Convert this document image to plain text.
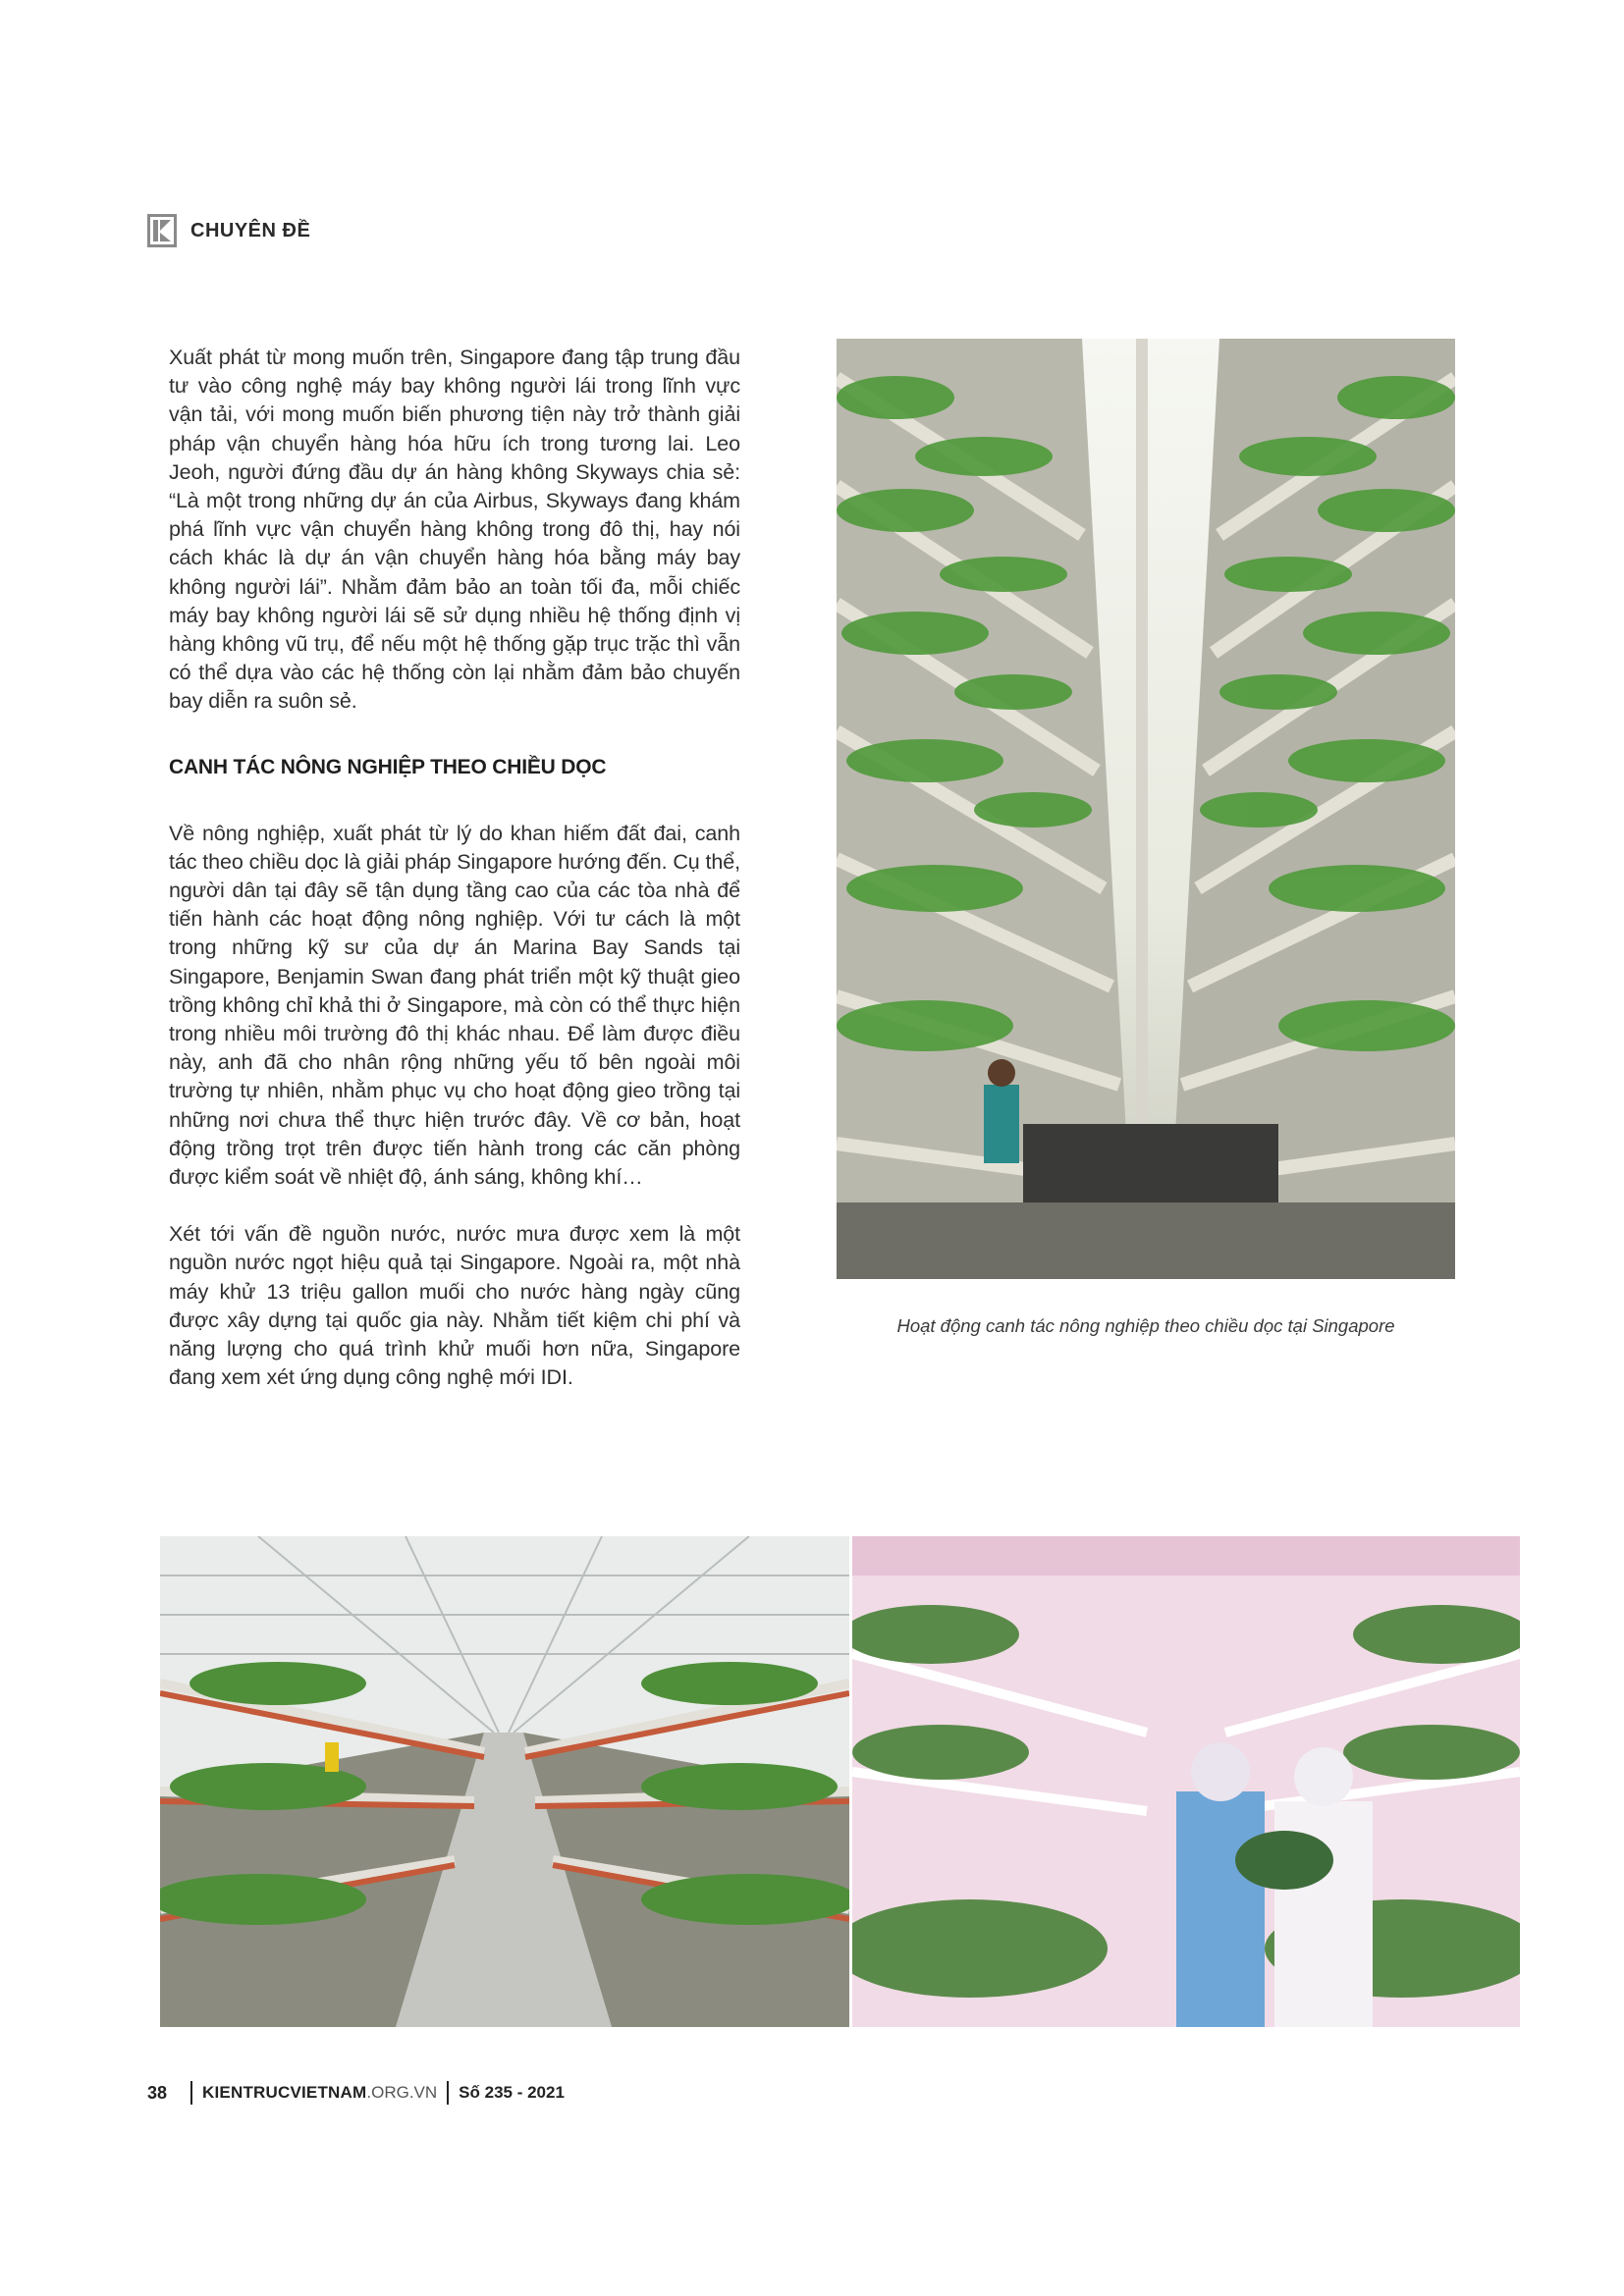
CHUYÊN ĐỀ

Xuất phát từ mong muốn trên, Singapore đang tập trung đầu tư vào công nghệ máy bay không người lái trong lĩnh vực vận tải, với mong muốn biến phương tiện này trở thành giải pháp vận chuyển hàng hóa hữu ích trong tương lai. Leo Jeoh, người đứng đầu dự án hàng không Skyways chia sẻ: “Là một trong những dự án của Airbus, Skyways đang khám phá lĩnh vực vận chuyển hàng không trong đô thị, hay nói cách khác là dự án vận chuyển hàng hóa bằng máy bay không người lái”. Nhằm đảm bảo an toàn tối đa, mỗi chiếc máy bay không người lái sẽ sử dụng nhiều hệ thống định vị hàng không vũ trụ, để nếu một hệ thống gặp trục trặc thì vẫn có thể dựa vào các hệ thống còn lại nhằm đảm bảo chuyến bay diễn ra suôn sẻ.

CANH TÁC NÔNG NGHIỆP THEO CHIỀU DỌC

Về nông nghiệp, xuất phát từ lý do khan hiếm đất đai, canh tác theo chiều dọc là giải pháp Singapore hướng đến. Cụ thể, người dân tại đây sẽ tận dụng tầng cao của các tòa nhà để tiến hành các hoạt động nông nghiệp. Với tư cách là một trong những kỹ sư của dự án Marina Bay Sands tại Singapore, Benjamin Swan đang phát triển một kỹ thuật gieo trồng không chỉ khả thi ở Singapore, mà còn có thể thực hiện trong nhiều môi trường đô thị khác nhau. Để làm được điều này, anh đã cho nhân rộng những yếu tố bên ngoài môi trường tự nhiên, nhằm phục vụ cho hoạt động gieo trồng tại những nơi chưa thể thực hiện trước đây. Về cơ bản, hoạt động trồng trọt trên được tiến hành trong các căn phòng được kiểm soát về nhiệt độ, ánh sáng, không khí…

Xét tới vấn đề nguồn nước, nước mưa được xem là một nguồn nước ngọt hiệu quả tại Singapore. Ngoài ra, một nhà máy khử 13 triệu gallon muối cho nước hàng ngày cũng được xây dựng tại quốc gia này. Nhằm tiết kiệm chi phí và năng lượng cho quá trình khử muối hơn nữa, Singapore đang xem xét ứng dụng công nghệ mới IDI.

Hoạt động canh tác nông nghiệp theo chiều dọc tại Singapore
38 KIENTRUCVIETNAM .ORG.VN Số 235 - 2021
